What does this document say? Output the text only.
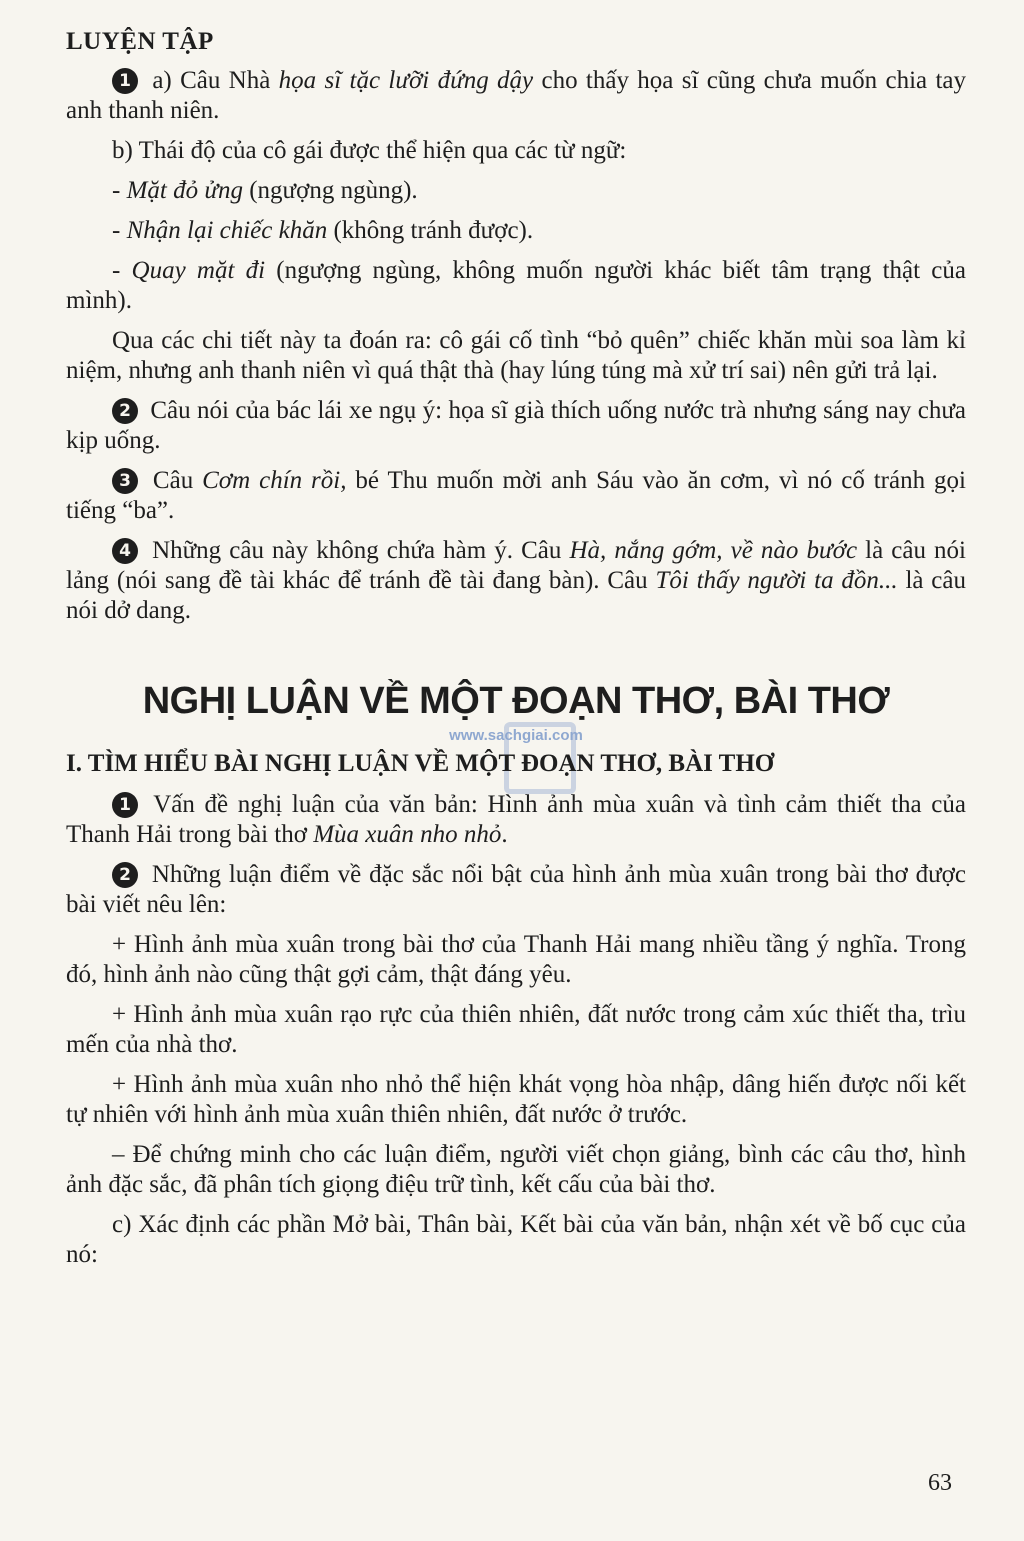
LUYỆN TẬP

1 a) Câu Nhà họa sĩ tặc lưỡi đứng dậy cho thấy họa sĩ cũng chưa muốn chia tay anh thanh niên.

b) Thái độ của cô gái được thể hiện qua các từ ngữ:

- Mặt đỏ ửng (ngượng ngùng).

- Nhận lại chiếc khăn (không tránh được).

- Quay mặt đi (ngượng ngùng, không muốn người khác biết tâm trạng thật của mình).

Qua các chi tiết này ta đoán ra: cô gái cố tình “bỏ quên” chiếc khăn mùi soa làm kỉ niệm, nhưng anh thanh niên vì quá thật thà (hay lúng túng mà xử trí sai) nên gửi trả lại.

2 Câu nói của bác lái xe ngụ ý: họa sĩ già thích uống nước trà nhưng sáng nay chưa kịp uống.

3 Câu Cơm chín rồi, bé Thu muốn mời anh Sáu vào ăn cơm, vì nó cố tránh gọi tiếng “ba”.

4 Những câu này không chứa hàm ý. Câu Hà, nắng gớm, về nào bước là câu nói lảng (nói sang đề tài khác để tránh đề tài đang bàn). Câu Tôi thấy người ta đồn... là câu nói dở dang.

NGHỊ LUẬN VỀ MỘT ĐOẠN THƠ, BÀI THƠ
www.sachgiai.com
I. TÌM HIỂU BÀI NGHỊ LUẬN VỀ MỘT ĐOẠN THƠ, BÀI THƠ

1 Vấn đề nghị luận của văn bản: Hình ảnh mùa xuân và tình cảm thiết tha của Thanh Hải trong bài thơ Mùa xuân nho nhỏ.

2 Những luận điểm về đặc sắc nổi bật của hình ảnh mùa xuân trong bài thơ được bài viết nêu lên:

+ Hình ảnh mùa xuân trong bài thơ của Thanh Hải mang nhiều tầng ý nghĩa. Trong đó, hình ảnh nào cũng thật gợi cảm, thật đáng yêu.

+ Hình ảnh mùa xuân rạo rực của thiên nhiên, đất nước trong cảm xúc thiết tha, trìu mến của nhà thơ.

+ Hình ảnh mùa xuân nho nhỏ thể hiện khát vọng hòa nhập, dâng hiến được nối kết tự nhiên với hình ảnh mùa xuân thiên nhiên, đất nước ở trước.

– Để chứng minh cho các luận điểm, người viết chọn giảng, bình các câu thơ, hình ảnh đặc sắc, đã phân tích giọng điệu trữ tình, kết cấu của bài thơ.

c) Xác định các phần Mở bài, Thân bài, Kết bài của văn bản, nhận xét về bố cục của nó:

63
